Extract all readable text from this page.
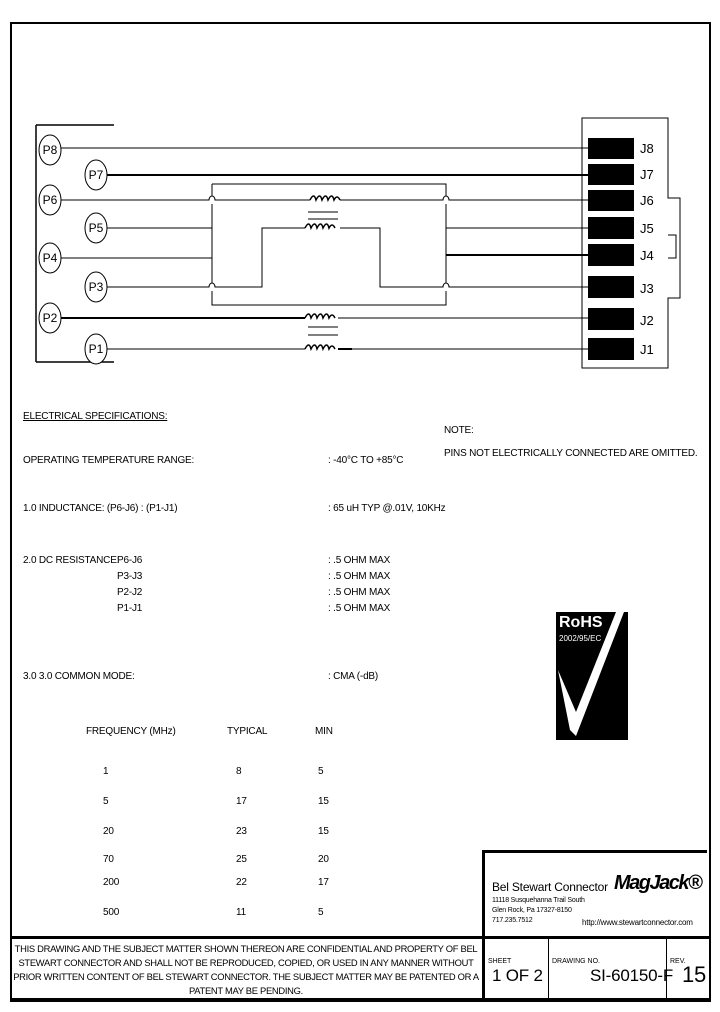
P8
P7
P6
P5
P4
P3
P2
P1
J8
J7
J6
J5
J4
J3
J2
J1
ELECTRICAL SPECIFICATIONS:
OPERATING TEMPERATURE RANGE:	: -40°C TO +85°C
1.0 INDUCTANCE: (P6-J6) : (P1-J1)	: 65 uH TYP @.01V, 10KHz
2.0 DC RESISTANCE:
P6-J6	: .5 OHM MAX
P3-J3	: .5 OHM MAX
P2-J2	: .5 OHM MAX
P1-J1	: .5 OHM MAX
3.0 3.0 COMMON MODE:	: CMA (-dB)
FREQUENCY (MHz)	TYPICAL	MIN
1	8	5
5	17	15
20	23	15
70	25	20
200	22	17
500	11	5
NOTE:
PINS NOT ELECTRICALLY CONNECTED ARE OMITTED.
RoHS
2002/95/EC
Bel Stewart Connector
11118 Susquehanna Trail South
Glen Rock, Pa 17327-8150
717.235.7512
MagJack®
http://www.stewartconnector.com
SHEET
1 OF 2
DRAWING NO.
SI-60150-F
REV.
15
THIS DRAWING AND THE SUBJECT MATTER SHOWN THEREON ARE CONFIDENTIAL AND PROPERTY OF BEL STEWART CONNECTOR AND SHALL NOT BE REPRODUCED, COPIED, OR USED IN ANY MANNER WITHOUT PRIOR WRITTEN CONTENT OF BEL STEWART CONNECTOR. THE SUBJECT MATTER MAY BE PATENTED OR A PATENT MAY BE PENDING.
